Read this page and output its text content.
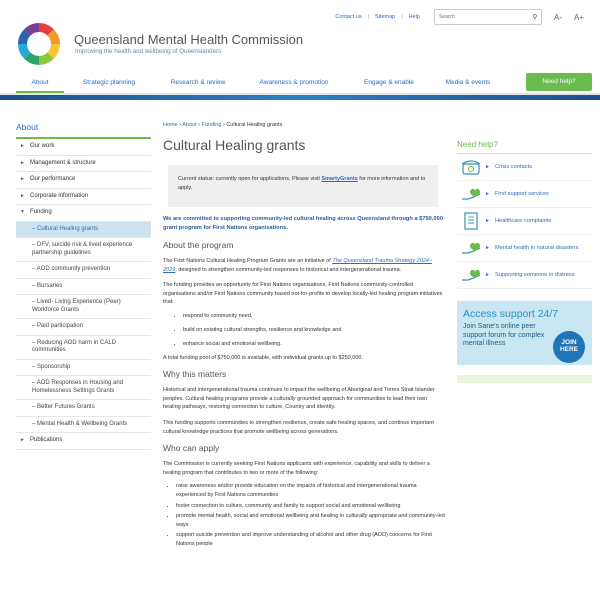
Contact us | Sitemap | Help
Search	⚲	A- A+
Queensland Mental Health Commission
Improving the health and wellbeing of Queenslanders
About	Strategic planning	Research & review	Awareness & promotion	Engage & enable	Media & events	Need help?
About
► Our work
► Management & structure
► Our performance
► Corporate information
▼ Funding
– Cultural Healing grants
– DFV, suicide risk & lived experience partnership guidelines
– AOD community prevention
– Bursaries
– Lived- Living Experience (Peer) Workforce Grants
– Paid participation
– Reducing AOD harm in CALD communities
– Sponsorship
– AOD Responses in Housing and Homelessness Settings Grants
– Better Futures Grants
– Mental Health & Wellbeing Grants
► Publications
Home › About › Funding › Cultural Healing grants
Cultural Healing grants
Current status: currently open for applications. Please visit SmartyGrants for more information and to apply.
We are committed to supporting community-led cultural healing across Queensland through a $750,000 grant program for First Nations organisations.
About the program
The First Nations Cultural Healing Program Grants are an initiative of The Queensland Trauma Strategy 2024–2029, designed to strengthen community-led responses to historical and intergenerational trauma.
The funding provides an opportunity for First Nations organisations, First Nations community-controlled organisations and/or First Nations community based not-for-profits to develop locally-led healing program initiatives that:
• respond to community need,
• build on existing cultural strengths, resilience and knowledge and
• enhance social and emotional wellbeing.
A total funding pool of $750,000 is available, with individual grants up to $250,000.
Why this matters
Historical and intergenerational trauma continues to impact the wellbeing of Aboriginal and Torres Strait Islander peoples. Cultural healing programs provide a culturally grounded approach for communities to lead their own healing pathways, restoring connection to culture, Country and identity.
This funding supports communities to strengthen resilience, create safe healing spaces, and continue important cultural knowledge practices that promote wellbeing across generations.
Who can apply
The Commission is currently seeking First Nations applicants with experience, capability and skills to deliver a healing program that contributes to two or more of the following:
• raise awareness and/or provide education on the impacts of historical and intergenerational trauma experienced by First Nations communities
• foster connection to culture, community and family to support social and emotional wellbeing
• promote mental health, social and emotional wellbeing and healing in culturally appropriate and community-led ways
• support suicide prevention and improve understanding of alcohol and other drug (AOD) concerns for First Nations people
Need help?
► Crisis contacts
► Find support services
► Healthcare complaints
► Mental health in natural disasters
► Supporting someone in distress
Access support 24/7
Join Sane's online peer support forum for complex mental illness	JOIN HERE
